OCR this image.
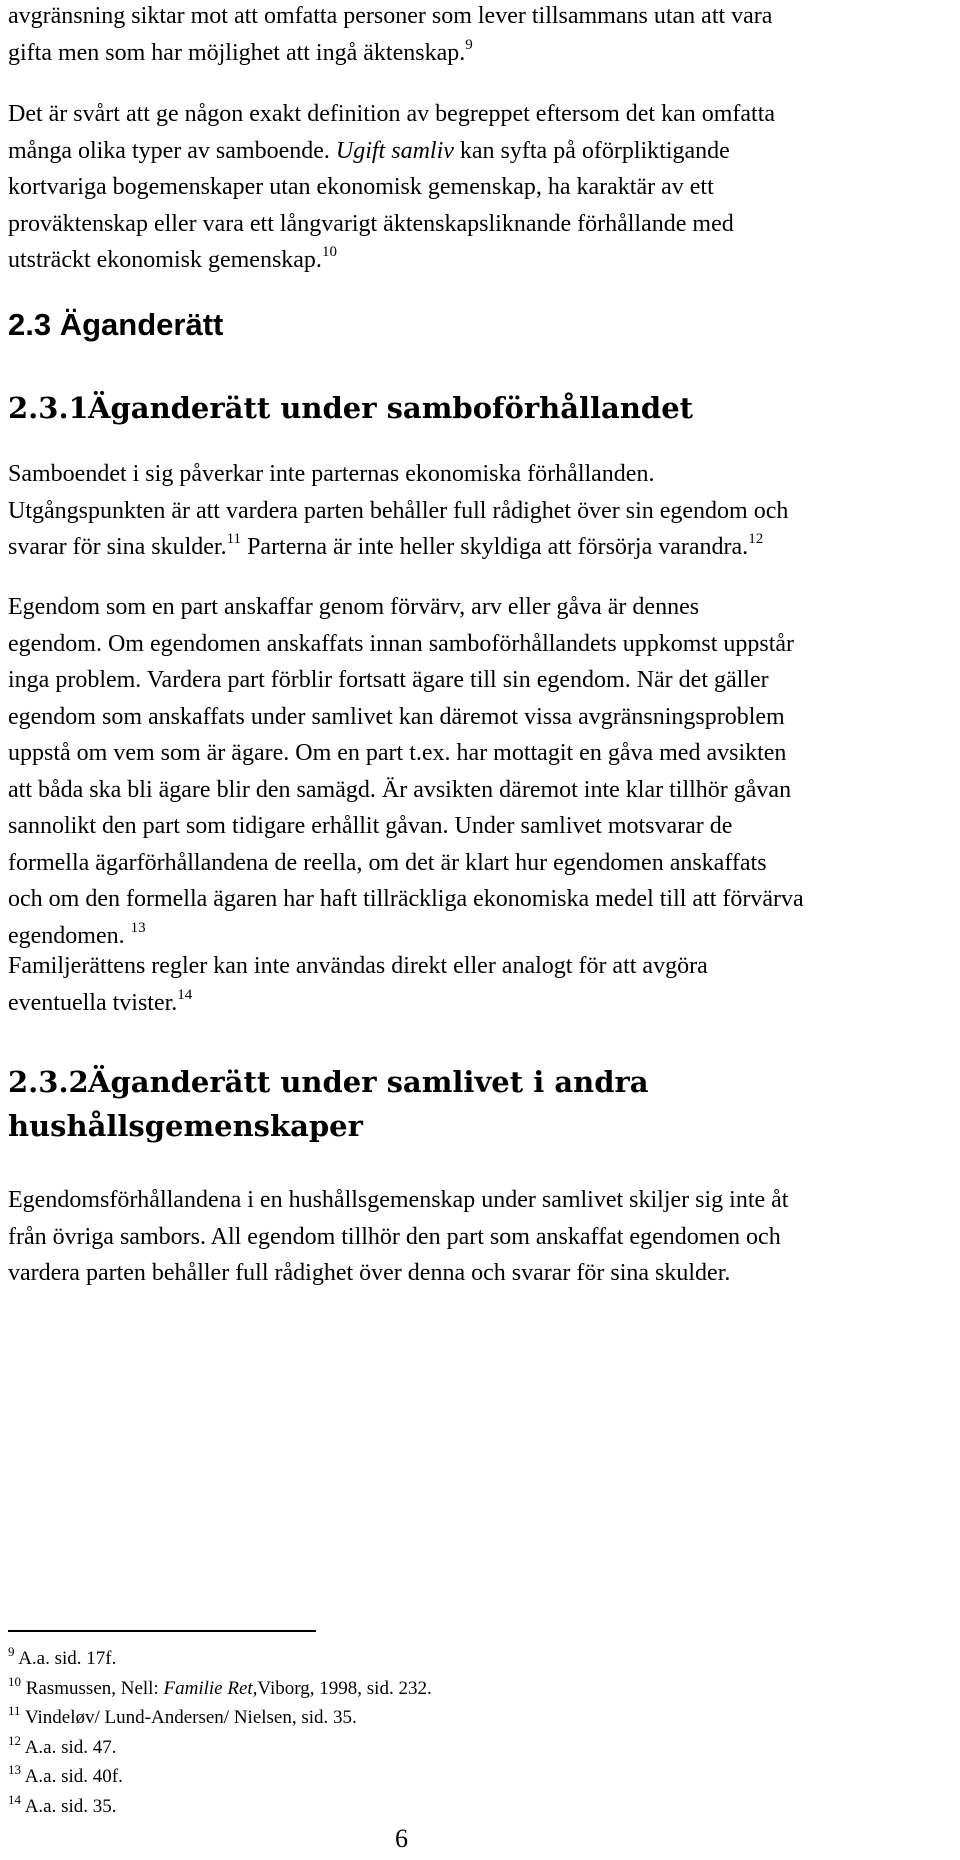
avgränsning siktar mot att omfatta personer som lever tillsammans utan att vara
gifta men som har möjlighet att ingå äktenskap.$^9$
Det är svårt att ge någon exakt definition av begreppet eftersom det kan omfatta
många olika typer av samboende. Ugift samliv kan syfta på oförpliktigande
kortvariga bogemenskaper utan ekonomisk gemenskap, ha karaktär av ett
proväktenskap eller vara ett långvarigt äktenskapsliknande förhållande med
utsträckt ekonomisk gemenskap.$^{10}$
2.3 Äganderätt
2.3.1Äganderätt under samboförhållandet
Samboendet i sig påverkar inte parternas ekonomiska förhållanden.
Utgångspunkten är att vardera parten behåller full rådighet över sin egendom och
svarar för sina skulder.$^{11}$ Parterna är inte heller skyldiga att försörja varandra.$^{12}$
Egendom som en part anskaffar genom förvärv, arv eller gåva är dennes
egendom. Om egendomen anskaffats innan samboförhållandets uppkomst uppstår
inga problem. Vardera part förblir fortsatt ägare till sin egendom. När det gäller
egendom som anskaffats under samlivet kan däremot vissa avgränsningsproblem
uppstå om vem som är ägare. Om en part t.ex. har mottagit en gåva med avsikten
att båda ska bli ägare blir den samägd. Är avsikten däremot inte klar tillhör gåvan
sannolikt den part som tidigare erhållit gåvan. Under samlivet motsvarar de
formella ägarförhållandena de reella, om det är klart hur egendomen anskaffats
och om den formella ägaren har haft tillräckliga ekonomiska medel till att förvärva
egendomen. $^{13}$
Familjerättens regler kan inte användas direkt eller analogt för att avgöra
eventuella tvister.$^{14}$
2.3.2Äganderätt under samlivet i andra
hushållsgemenskaper
Egendomsförhållandena i en hushållsgemenskap under samlivet skiljer sig inte åt
från övriga sambors. All egendom tillhör den part som anskaffat egendomen och
vardera parten behåller full rådighet över denna och svarar för sina skulder.
$^9$ A.a. sid. 17f.
$^{10}$ Rasmussen, Nell: Familie Ret,Viborg, 1998, sid. 232.
$^{11}$ Vindeløv/ Lund-Andersen/ Nielsen, sid. 35.
$^{12}$ A.a. sid. 47.
$^{13}$ A.a. sid. 40f.
$^{14}$ A.a. sid. 35.
6
